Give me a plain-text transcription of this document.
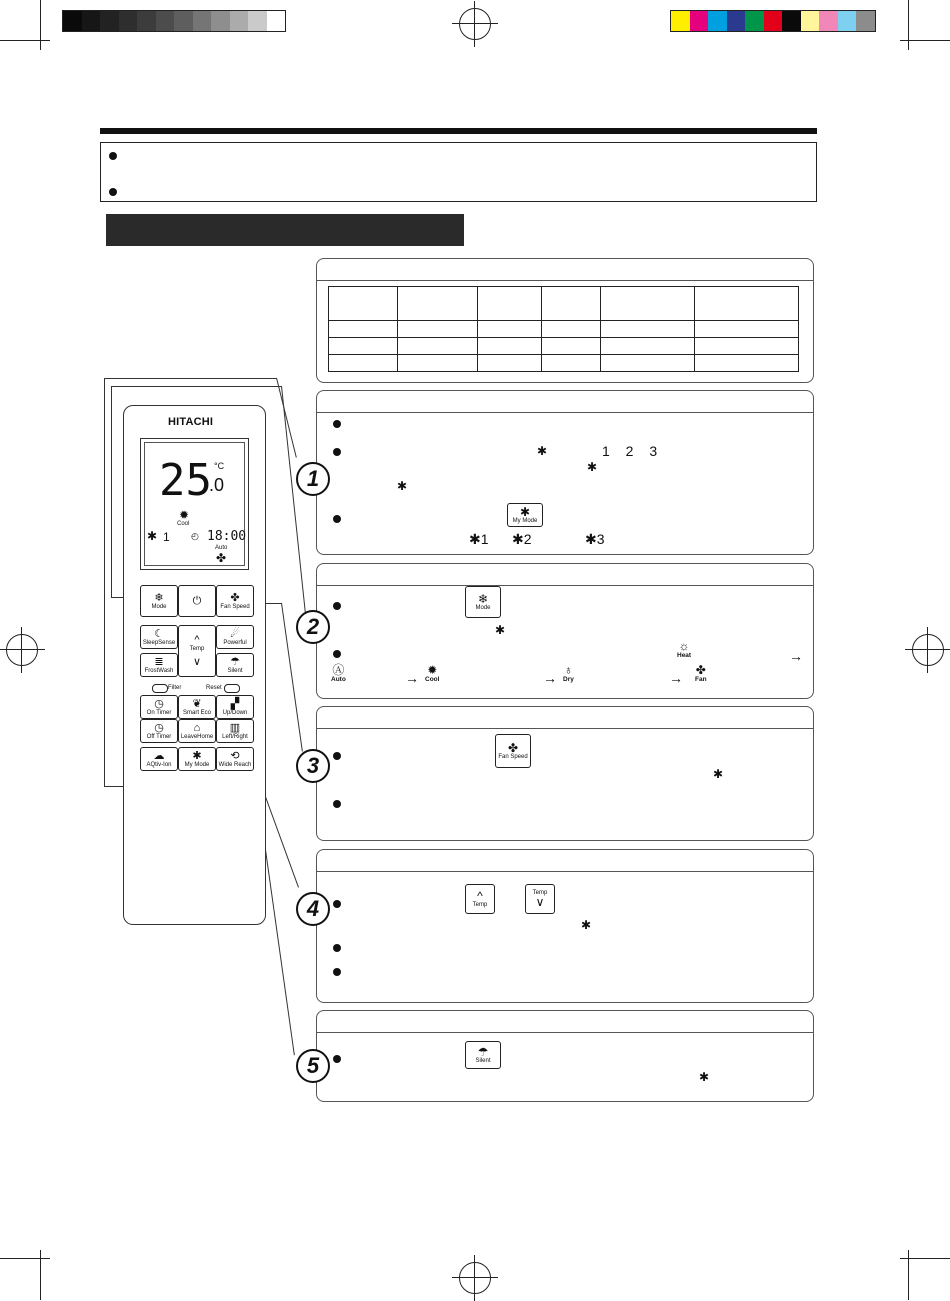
✱	1 2 3
✱
✱
✱
My Mode
✱1 ✱2	✱3
❄
Mode
✱
☼
Heat	→
Ⓐ
Auto	→ ✹
Cool	→ ♁
Dry	→ ✤
Fan
✤
Fan Speed
✱
^
Temp
Temp
∨
✱
☂
Silent
✱
1
2
3
4
5
HITACHI
25
.0
°C
✹
Cool
✱ 1 ◴ 18:00
Auto
✤
❄
Mode ⏻	✤
Fan Speed
☾
SleepSense ^
Temp
∨
☄
Powerful
≣
FrostWash
☂
Silent
◷
On Timer
❦
Smart Eco
▞
Up/Down
◷
Off Timer
⌂
LeaveHome
▥
Left/Right
☁
AQtiv-Ion
✱
My Mode
⟲
Wide Reach
Filter	Reset
